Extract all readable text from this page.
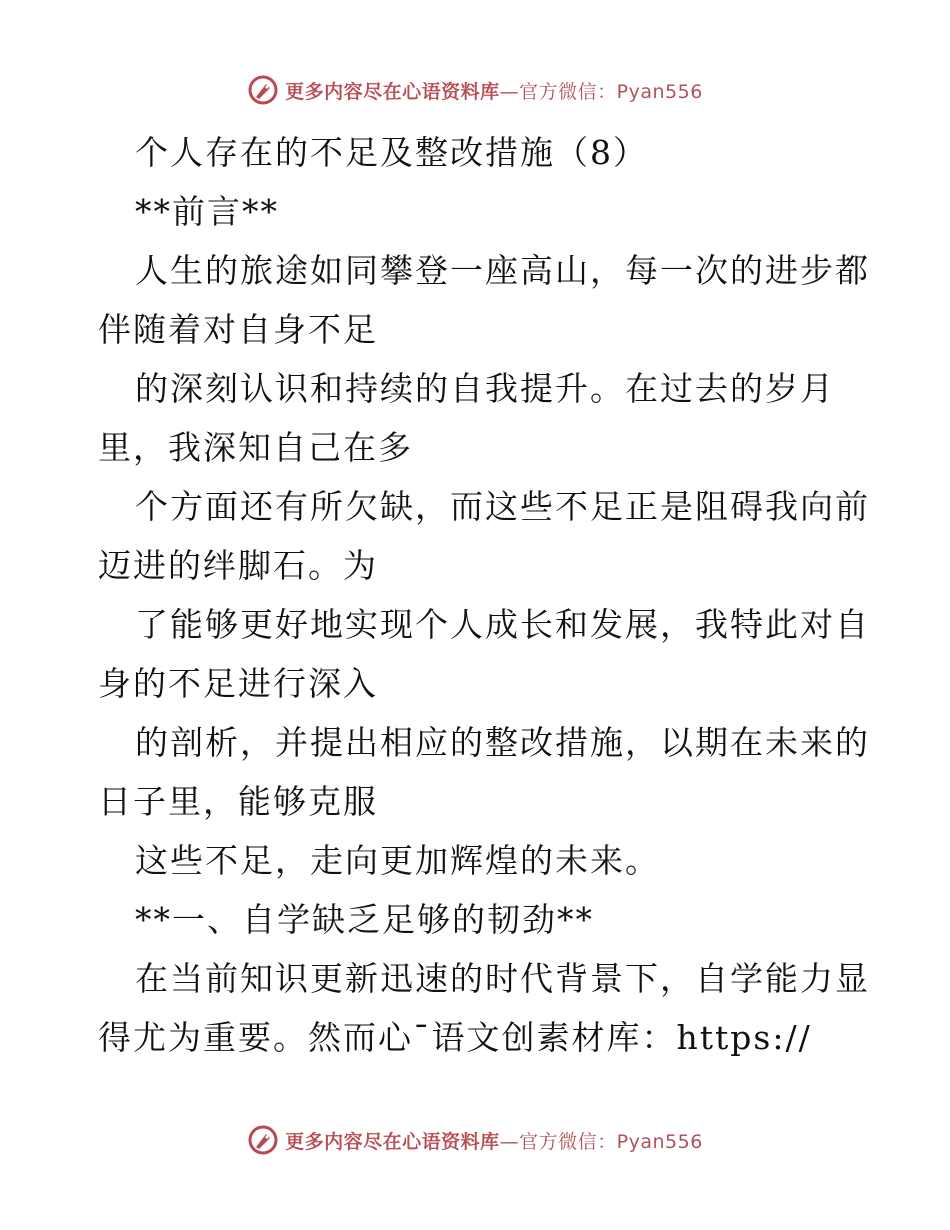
更多内容尽在心语资料库—官方微信：Pyan556
个人存在的不足及整改措施（8）
**前言**
人生的旅途如同攀登一座高山，每一次的进步都
伴随着对自身不足
的深刻认识和持续的自我提升。在过去的岁月
里，我深知自己在多
个方面还有所欠缺，而这些不足正是阻碍我向前
迈进的绊脚石。为
了能够更好地实现个人成长和发展，我特此对自
身的不足进行深入
的剖析，并提出相应的整改措施，以期在未来的
日子里，能够克服
这些不足，走向更加辉煌的未来。
**一、自学缺乏足够的韧劲**
在当前知识更新迅速的时代背景下，自学能力显
得尤为重要。然而心¯语文创素材库：https://
更多内容尽在心语资料库—官方微信：Pyan556
